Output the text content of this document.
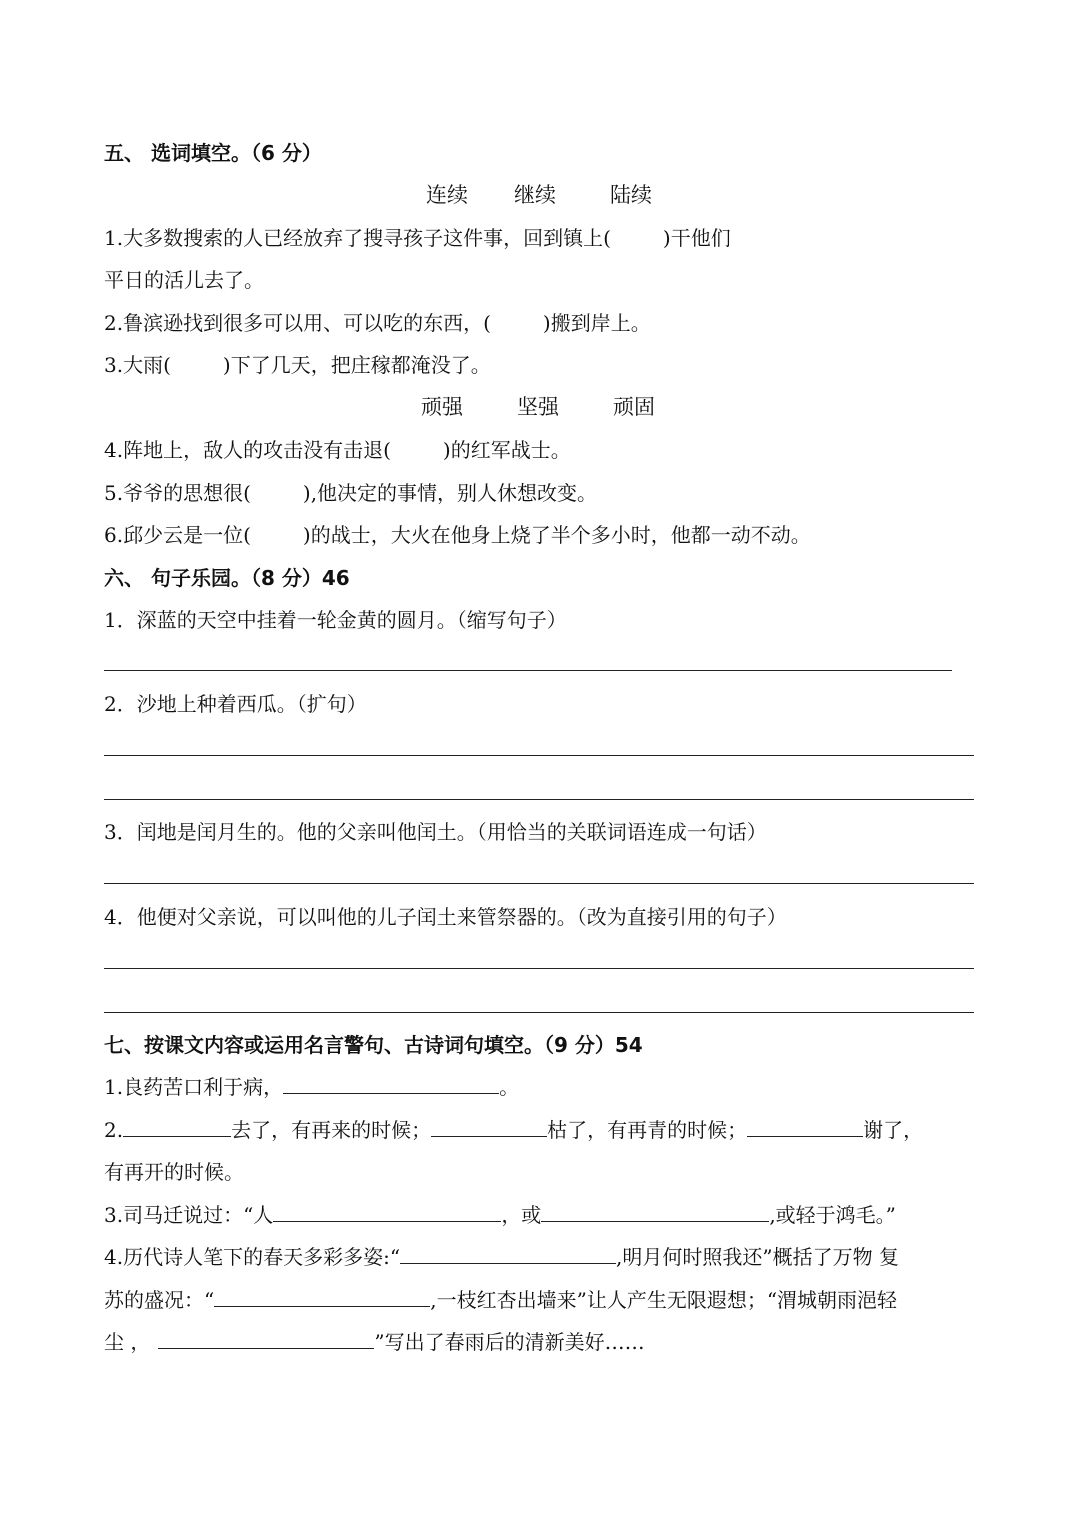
五、 选词填空。（6 分）
连续 继续	陆续
1.大多数搜索的人已经放弃了搜寻孩子这件事，回到镇上(	)干他们
平日的活儿去了。
2.鲁滨逊找到很多可以用、可以吃的东西，(	)搬到岸上。
3.大雨(	)下了几天，把庄稼都淹没了。
顽强	坚强	顽固
4.阵地上，敌人的攻击没有击退(	)的红军战士。
5.爷爷的思想很(	),他决定的事情，别人休想改变。
6.邱少云是一位(	)的战士，大火在他身上烧了半个多小时，他都一动不动。
六、 句子乐园。（8 分）46
1．深蓝的天空中挂着一轮金黄的圆月。（缩写句子）
2．沙地上种着西瓜。（扩句）
3．闰地是闰月生的。他的父亲叫他闰土。（用恰当的关联词语连成一句话）
4．他便对父亲说，可以叫他的儿子闰土来管祭器的。（改为直接引用的句子）
七、按课文内容或运用名言警句、古诗词句填空。（9 分）54
1.良药苦口利于病，	。
2.	去了，有再来的时候；	枯了，有再青的时候；	谢了，
有再开的时候。
3.司马迁说过：“人	，或	,或轻于鸿毛。”
4.历代诗人笔下的春天多彩多姿:“	,明月何时照我还”概括了万物 复
苏的盛况：“	,一枝红杏出墙来”让人产生无限遐想；“渭城朝雨浥轻
尘 ，	”写出了春雨后的清新美好……
